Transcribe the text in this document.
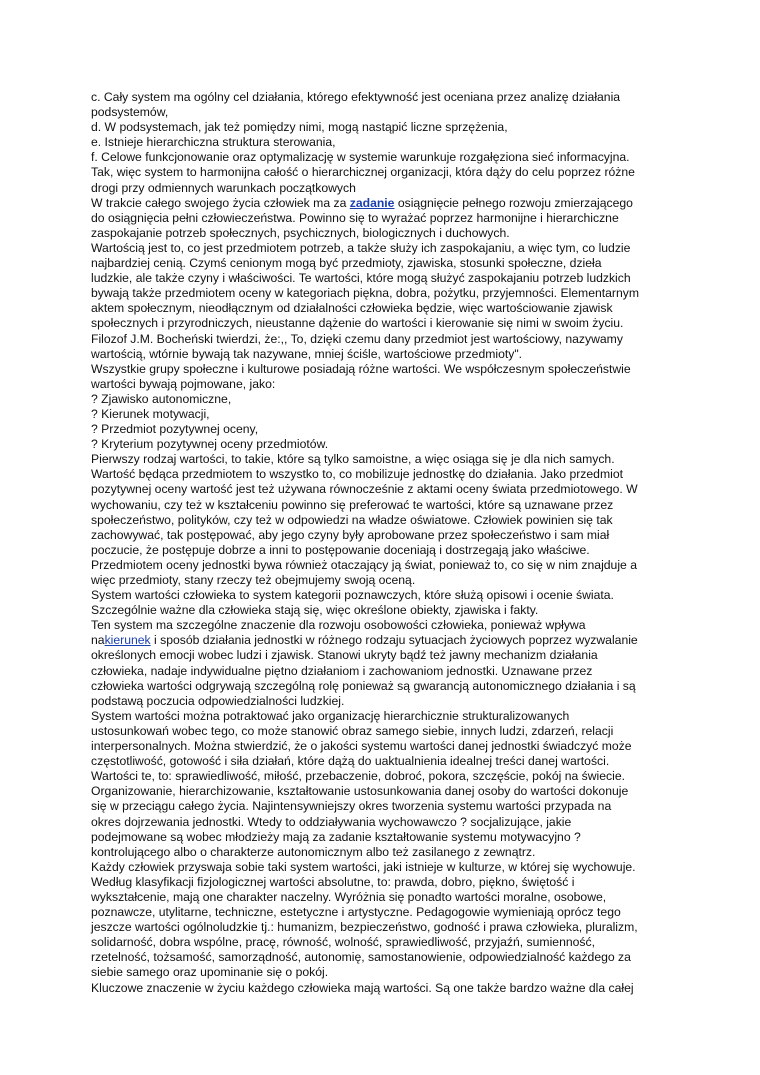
c. Cały system ma ogólny cel działania, którego efektywność jest oceniana przez analizę działania
podsystemów,
d. W podsystemach, jak też pomiędzy nimi, mogą nastąpić liczne sprzężenia,
e. Istnieje hierarchiczna struktura sterowania,
f. Celowe funkcjonowanie oraz optymalizację w systemie warunkuje rozgałęziona sieć informacyjna.
Tak, więc system to harmonijna całość o hierarchicznej organizacji, która dąży do celu poprzez różne
drogi przy odmiennych warunkach początkowych
W trakcie całego swojego życia człowiek ma za zadanie osiągnięcie pełnego rozwoju zmierzającego
do osiągnięcia pełni człowieczeństwa. Powinno się to wyrażać poprzez harmonijne i hierarchiczne
zaspokajanie potrzeb społecznych, psychicznych, biologicznych i duchowych.
Wartością jest to, co jest przedmiotem potrzeb, a także służy ich zaspokajaniu, a więc tym, co ludzie
najbardziej cenią. Czymś cenionym mogą być przedmioty, zjawiska, stosunki społeczne, dzieła
ludzkie, ale także czyny i właściwości. Te wartości, które mogą służyć zaspokajaniu potrzeb ludzkich
bywają także przedmiotem oceny w kategoriach piękna, dobra, pożytku, przyjemności. Elementarnym
aktem społecznym, nieodłącznym od działalności człowieka będzie, więc wartościowanie zjawisk
społecznych i przyrodniczych, nieustanne dążenie do wartości i kierowanie się nimi w swoim życiu.
Filozof J.M. Bocheński twierdzi, że:,, To, dzięki czemu dany przedmiot jest wartościowy, nazywamy
wartością, wtórnie bywają tak nazywane, mniej ściśle, wartościowe przedmioty".
Wszystkie grupy społeczne i kulturowe posiadają różne wartości. We współczesnym społeczeństwie
wartości bywają pojmowane, jako:
? Zjawisko autonomiczne,
? Kierunek motywacji,
? Przedmiot pozytywnej oceny,
? Kryterium pozytywnej oceny przedmiotów.
Pierwszy rodzaj wartości, to takie, które są tylko samoistne, a więc osiąga się je dla nich samych.
Wartość będąca przedmiotem to wszystko to, co mobilizuje jednostkę do działania. Jako przedmiot
pozytywnej oceny wartość jest też używana równocześnie z aktami oceny świata przedmiotowego. W
wychowaniu, czy też w kształceniu powinno się preferować te wartości, które są uznawane przez
społeczeństwo, polityków, czy też w odpowiedzi na władze oświatowe. Człowiek powinien się tak
zachowywać, tak postępować, aby jego czyny były aprobowane przez społeczeństwo i sam miał
poczucie, że postępuje dobrze a inni to postępowanie doceniają i dostrzegają jako właściwe.
Przedmiotem oceny jednostki bywa również otaczający ją świat, ponieważ to, co się w nim znajduje a
więc przedmioty, stany rzeczy też obejmujemy swoją oceną.
System wartości człowieka to system kategorii poznawczych, które służą opisowi i ocenie świata.
Szczególnie ważne dla człowieka stają się, więc określone obiekty, zjawiska i fakty.
Ten system ma szczególne znaczenie dla rozwoju osobowości człowieka, ponieważ wpływa
nakierunek i sposób działania jednostki w różnego rodzaju sytuacjach życiowych poprzez wyzwalanie
określonych emocji wobec ludzi i zjawisk. Stanowi ukryty bądź też jawny mechanizm działania
człowieka, nadaje indywidualne piętno działaniom i zachowaniom jednostki. Uznawane przez
człowieka wartości odgrywają szczególną rolę ponieważ są gwarancją autonomicznego działania i są
podstawą poczucia odpowiedzialności ludzkiej.
System wartości można potraktować jako organizację hierarchicznie strukturalizowanych
ustosunkowań wobec tego, co może stanowić obraz samego siebie, innych ludzi, zdarzeń, relacji
interpersonalnych. Można stwierdzić, że o jakości systemu wartości danej jednostki świadczyć może
częstotliwość, gotowość i siła działań, które dążą do uaktualnienia idealnej treści danej wartości.
Wartości te, to: sprawiedliwość, miłość, przebaczenie, dobroć, pokora, szczęście, pokój na świecie.
Organizowanie, hierarchizowanie, kształtowanie ustosunkowania danej osoby do wartości dokonuje
się w przeciągu całego życia. Najintensywniejszy okres tworzenia systemu wartości przypada na
okres dojrzewania jednostki. Wtedy to oddziaływania wychowawczo ? socjalizujące, jakie
podejmowane są wobec młodzieży mają za zadanie kształtowanie systemu motywacyjno ?
kontrolującego albo o charakterze autonomicznym albo też zasilanego z zewnątrz.
Każdy człowiek przyswaja sobie taki system wartości, jaki istnieje w kulturze, w której się wychowuje.
Według klasyfikacji fizjologicznej wartości absolutne, to: prawda, dobro, piękno, świętość i
wykształcenie, mają one charakter naczelny. Wyróżnia się ponadto wartości moralne, osobowe,
poznawcze, utylitarne, techniczne, estetyczne i artystyczne. Pedagogowie wymieniają oprócz tego
jeszcze wartości ogólnoludzkie tj.: humanizm, bezpieczeństwo, godność i prawa człowieka, pluralizm,
solidarność, dobra wspólne, pracę, równość, wolność, sprawiedliwość, przyjaźń, sumienność,
rzetelność, tożsamość, samorządność, autonomię, samostanowienie, odpowiedzialność każdego za
siebie samego oraz upominanie się o pokój.
Kluczowe znaczenie w życiu każdego człowieka mają wartości. Są one także bardzo ważne dla całej
